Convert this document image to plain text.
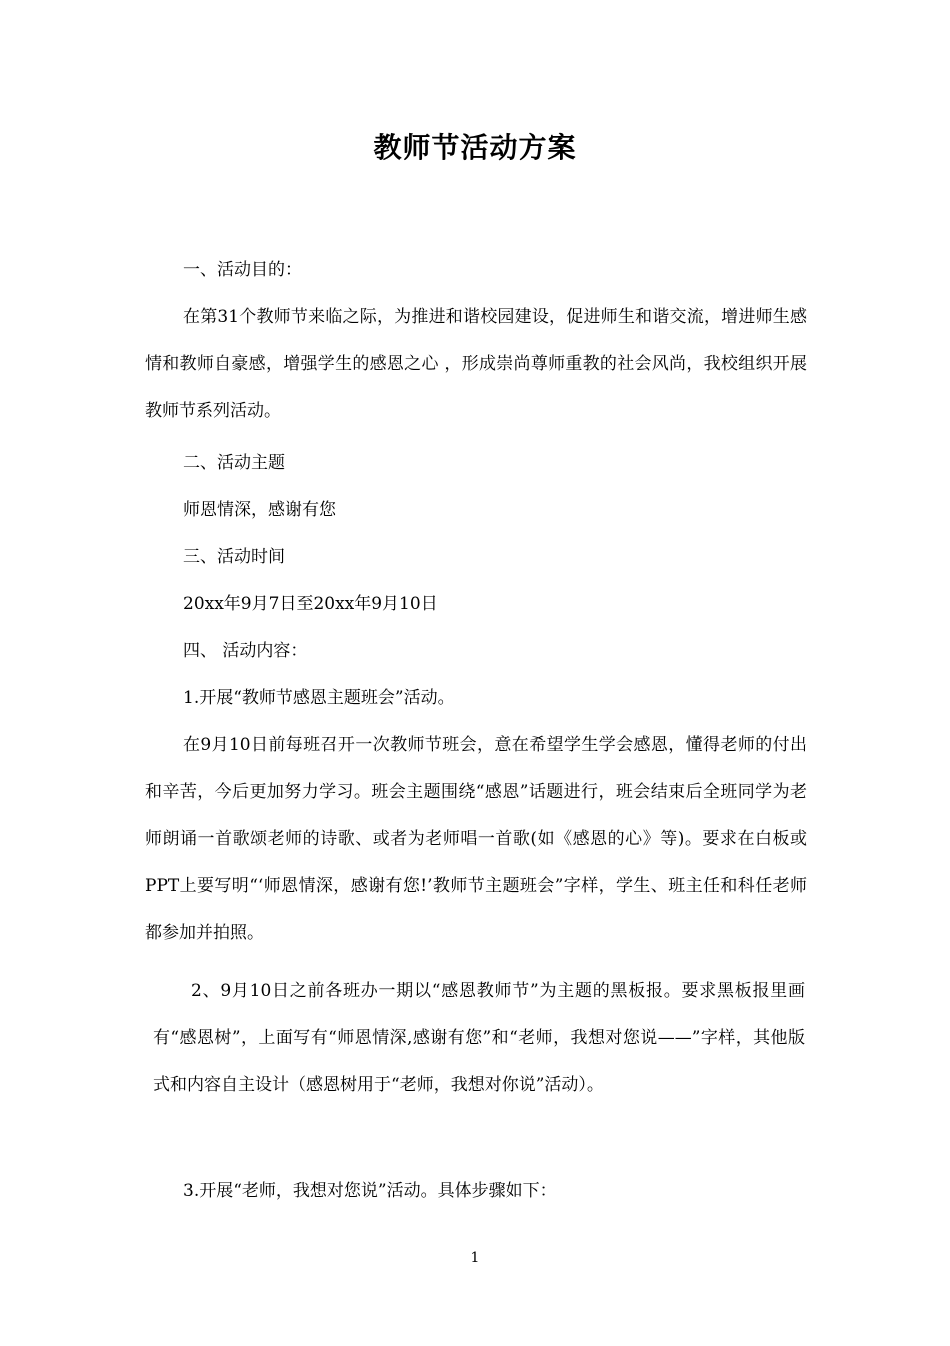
教师节活动方案
一、活动目的：
在第31个教师节来临之际，为推进和谐校园建设，促进师生和谐交流，增进师生感情和教师自豪感，增强学生的感恩之心 ，形成崇尚尊师重教的社会风尚，我校组织开展教师节系列活动。
二、活动主题
师恩情深，感谢有您
三、活动时间
20xx年9月7日至20xx年9月10日
四、 活动内容：
1.开展“教师节感恩主题班会”活动。
在9月10日前每班召开一次教师节班会，意在希望学生学会感恩，懂得老师的付出和辛苦，今后更加努力学习。班会主题围绕“感恩”话题进行，班会结束后全班同学为老师朗诵一首歌颂老师的诗歌、或者为老师唱一首歌(如《感恩的心》等)。要求在白板或PPT上要写明“‘师恩情深，感谢有您!’教师节主题班会”字样，学生、班主任和科任老师都参加并拍照。
2、9月10日之前各班办一期以“感恩教师节”为主题的黑板报。要求黑板报里画有“感恩树”，上面写有“师恩情深,感谢有您”和“老师，我想对您说——”字样，其他版式和内容自主设计（感恩树用于“老师，我想对你说”活动）。
3.开展“老师，我想对您说”活动。具体步骤如下：
1
